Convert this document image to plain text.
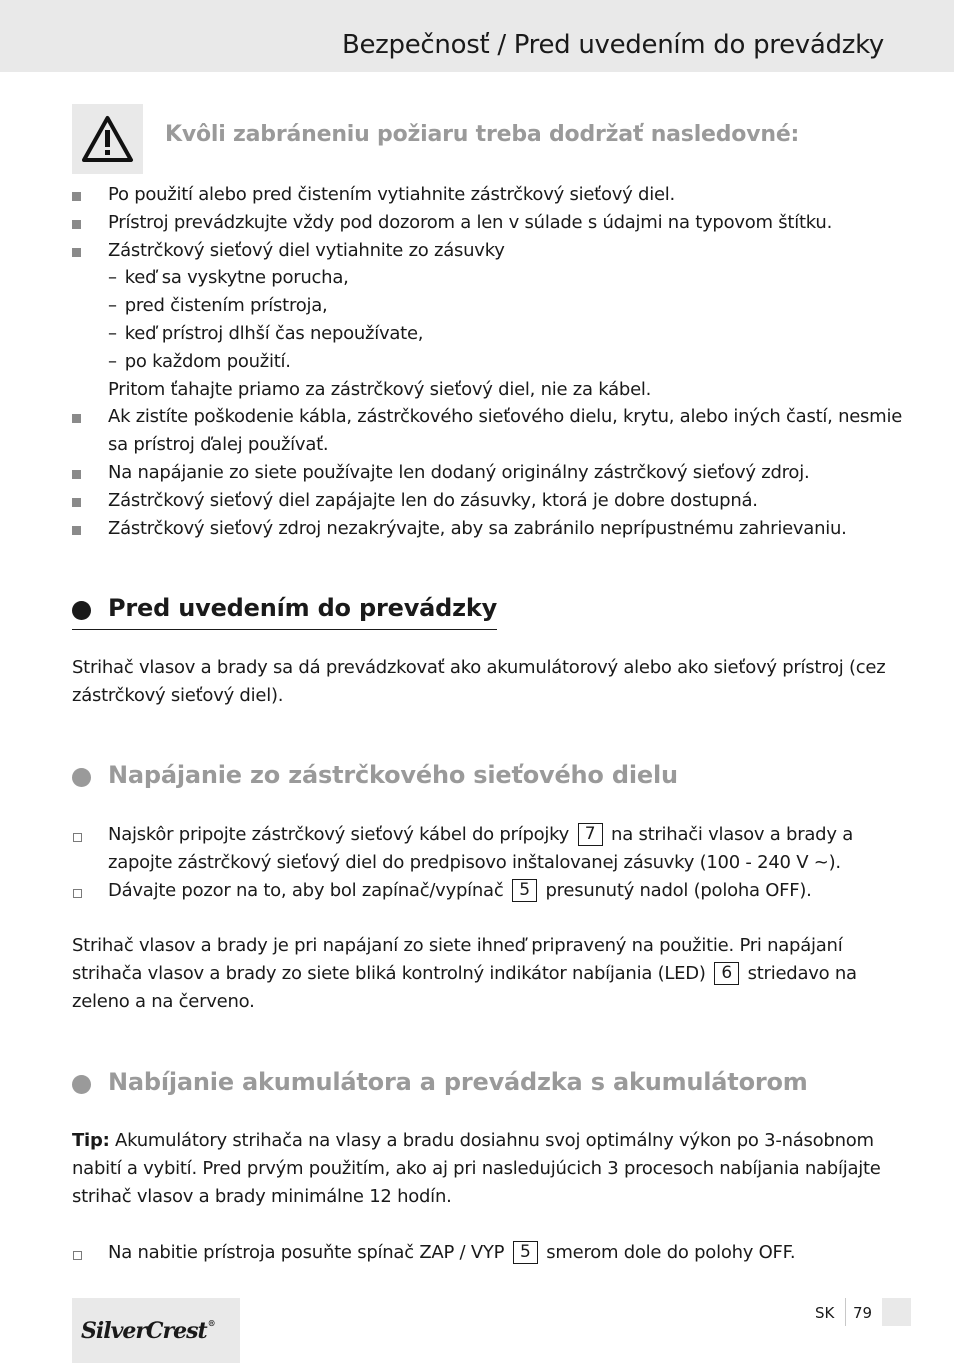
Bezpečnosť / Pred uvedením do prevádzky
Kvôli zabráneniu požiaru treba dodržať nasledovné:
Po použití alebo pred čistením vytiahnite zástrčkový sieťový diel.
Prístroj prevádzkujte vždy pod dozorom a len v súlade s údajmi na typovom štítku.
Zástrčkový sieťový diel vytiahnite zo zásuvky
– keď sa vyskytne porucha,
– pred čistením prístroja,
– keď prístroj dlhší čas nepoužívate,
– po každom použití.
Pritom ťahajte priamo za zástrčkový sieťový diel, nie za kábel.
Ak zistíte poškodenie kábla, zástrčkového sieťového dielu, krytu, alebo iných častí, nesmie
sa prístroj ďalej používať.
Na napájanie zo siete používajte len dodaný originálny zástrčkový sieťový zdroj.
Zástrčkový sieťový diel zapájajte len do zásuvky, ktorá je dobre dostupná.
Zástrčkový sieťový zdroj nezakrývajte, aby sa zabránilo neprípustnému zahrievaniu.
Pred uvedením do prevádzky
Strihač vlasov a brady sa dá prevádzkovať ako akumulátorový alebo ako sieťový prístroj (cez
zástrčkový sieťový diel).
Napájanie zo zástrčkového sieťového dielu
Najskôr pripojte zástrčkový sieťový kábel do prípojky 7 na strihači vlasov a brady a
zapojte zástrčkový sieťový diel do predpisovo inštalovanej zásuvky (100 - 240 V ~).
Dávajte pozor na to, aby bol zapínač/vypínač 5 presunutý nadol (poloha OFF).
Strihač vlasov a brady je pri napájaní zo siete ihneď pripravený na použitie. Pri napájaní
strihača vlasov a brady zo siete bliká kontrolný indikátor nabíjania (LED) 6 striedavo na
zeleno a na červeno.
Nabíjanie akumulátora a prevádzka s akumulátorom
Tip: Akumulátory strihača na vlasy a bradu dosiahnu svoj optimálny výkon po 3-násobnom
nabití a vybití. Pred prvým použitím, ako aj pri nasledujúcich 3 procesoch nabíjania nabíjajte
strihač vlasov a brady minimálne 12 hodín.
Na nabitie prístroja posuňte spínač ZAP / VYP 5 smerom dole do polohy OFF.
SilverCrest®
SK 79
